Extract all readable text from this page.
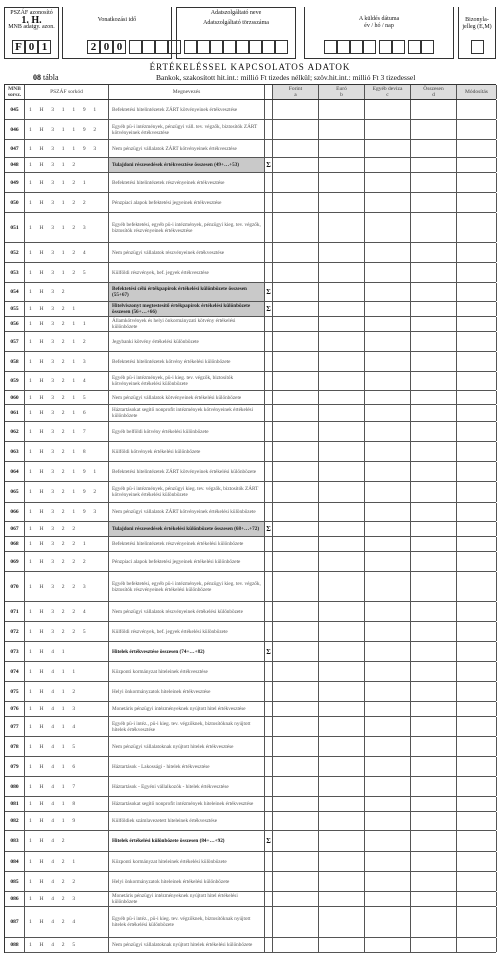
PSZÁF azonosító
1. H.
MNB adatgy. azon.
F 0 1
Vonatkozási idő
2 0 0
Adatszolgáltató neve
Adatszolgáltató törzsszáma
A küldés dátuma
év / hó / nap
Bizonyla- jelleg (E,M)
ÉRTÉKELÉSSEL KAPCSOLATOS ADATOK
08 tábla	Bankok, szakosított hit.int.: millió Ft tizedes nélkül; szöv.hit.int.: millió Ft 3 tizedessel
MNB sorsz.	PSZÁF sorkód	Megnevezés	Forint
a
Euró
b
Egyéb deviza
c
Összesen
d	Módosítás
045	1 H 3 1 1 9 1	Befektetési hitelintézetek ZÁRT kötvényeinek értékvesztése
046	1 H 3 1 1 9 2	Egyéb pü-i intézmények, pénzügyi váll. tev. végzők, biztosítók ZÁRT kötvényeinek értékvesztése
047	1 H 3 1 1 9 3	Nem pénzügyi vállalatok ZÁRT kötvényeinek értékvesztése
048	1 H 3 1 2	Tulajdoni részesedések értékvesztése összesen (49+…+53)	Σ
049	1 H 3 1 2 1	Befektetési hitelintézetek részvényeinek értékvesztése
050	1 H 3 1 2 2	Pénzpiaci alapok befektetési jegyeinek értékvesztése
051	1 H 3 1 2 3	Egyéb befektetési, egyéb pü-i intézmények, pénzügyi kieg. tev. végzők, biztosítók részvényeinek értékvesztése
052	1 H 3 1 2 4	Nem pénzügyi vállalatok részvényeinek értékvesztése
053	1 H 3 1 2 5	Külföldi részvények, bef. jegyek értékvesztése
054	1 H 3 2	Befektetési célú értékpapírok értékelési különbözete összesen (55+67)	Σ
055	1 H 3 2 1	Hitelviszonyt megtestesítő értékpapírok értékelési különbözete összesen (56+…+66)	Σ
056	1 H 3 2 1 1	Államkötvények és helyi önkormányzati kötvény értékelési különbözete
057	1 H 3 2 1 2	Jegybanki kötvény értékelési különbözete
058	1 H 3 2 1 3	Befektetési hitelintézetek kötvény értékelési különbözete
059	1 H 3 2 1 4	Egyéb pü-i intézmények, pü-i kieg. tev. végzők, biztosítók kötvényeinek értékelési különbözete
060	1 H 3 2 1 5	Nem pénzügyi vállalatok kötvényeinek értékelési különbözete
061	1 H 3 2 1 6	Háztartásokat segítő nonprofit intézmények kötvényeinek értékelési különbözete
062	1 H 3 2 1 7	Egyéb belföldi kötvény értékelési különbözete
063	1 H 3 2 1 8	Külföldi kötvények értékelési különbözete
064	1 H 3 2 1 9 1	Befektetési hitelintézetek ZÁRT kötvényeinek értékelési különbözete
065	1 H 3 2 1 9 2	Egyéb pü-i intézmények, pénzügyi kieg. tev. végzők, biztosítók ZÁRT kötvényeinek értékelési különbözete
066	1 H 3 2 1 9 3	Nem pénzügyi vállalatok ZÁRT kötvényeinek értékelési különbözete
067	1 H 3 2 2	Tulajdoni részesedések értékelési különbözete összesen (68+…+72)	Σ
068	1 H 3 2 2 1	Befektetési hitelintézetek részvényeinek értékelési különbözete
069	1 H 3 2 2 2	Pénzpiaci alapok befektetési jegyeinek értékelési különbözete
070	1 H 3 2 2 3	Egyéb befektetési, egyéb pü-i intézmények, pénzügyi kieg. tev. végzők, biztosítók részvényeinek értékelési különbözete
071	1 H 3 2 2 4	Nem pénzügyi vállalatok részvényeinek értékelési különbözete
072	1 H 3 2 2 5	Külföldi részvények, bef. jegyek értékelési különbözete
073	1 H 4 1	Hitelek értékvesztése összesen (74+…+82)	Σ
074	1 H 4 1 1	Központi kormányzat hiteleinek értékvesztése
075	1 H 4 1 2	Helyi önkormányzatok hiteleinek értékvesztése
076	1 H 4 1 3	Monetáris pénzügyi intézményeknek nyújtott hitel értékvesztése
077	1 H 4 1 4	Egyéb pü-i intéz., pü-i kieg. tev. végzőknek, biztosítóknak nyújtott hitelek értékvesztése
078	1 H 4 1 5	Nem pénzügyi vállalatoknak nyújtott hitelek értékvesztése
079	1 H 4 1 6	Háztartások - Lakossági - hitelek értékvesztése
080	1 H 4 1 7	Háztartások - Egyéni vállalkozók - hitelek értékvesztése
081	1 H 4 1 8	Háztartásokat segítő nonprofit intézmények hiteleinek értékvesztése
082	1 H 4 1 9	Külföldiek számlavezetett hiteleinek értékvesztése
083	1 H 4 2	Hitelek értékelési különbözete összesen (84+…+92)	Σ
084	1 H 4 2 1	Központi kormányzat hiteleinek értékelési különbözete
085	1 H 4 2 2	Helyi önkormányzatok hiteleinek értékelési különbözete
086	1 H 4 2 3	Monetáris pénzügyi intézményeknek nyújtott hitel értékelési különbözete
087	1 H 4 2 4	Egyéb pü-i intéz., pü-i kieg. tev. végzőknek, biztosítóknak nyújtott hitelek értékelési különbözete
088	1 H 4 2 5	Nem pénzügyi vállalatoknak nyújtott hitelek értékelési különbözete
